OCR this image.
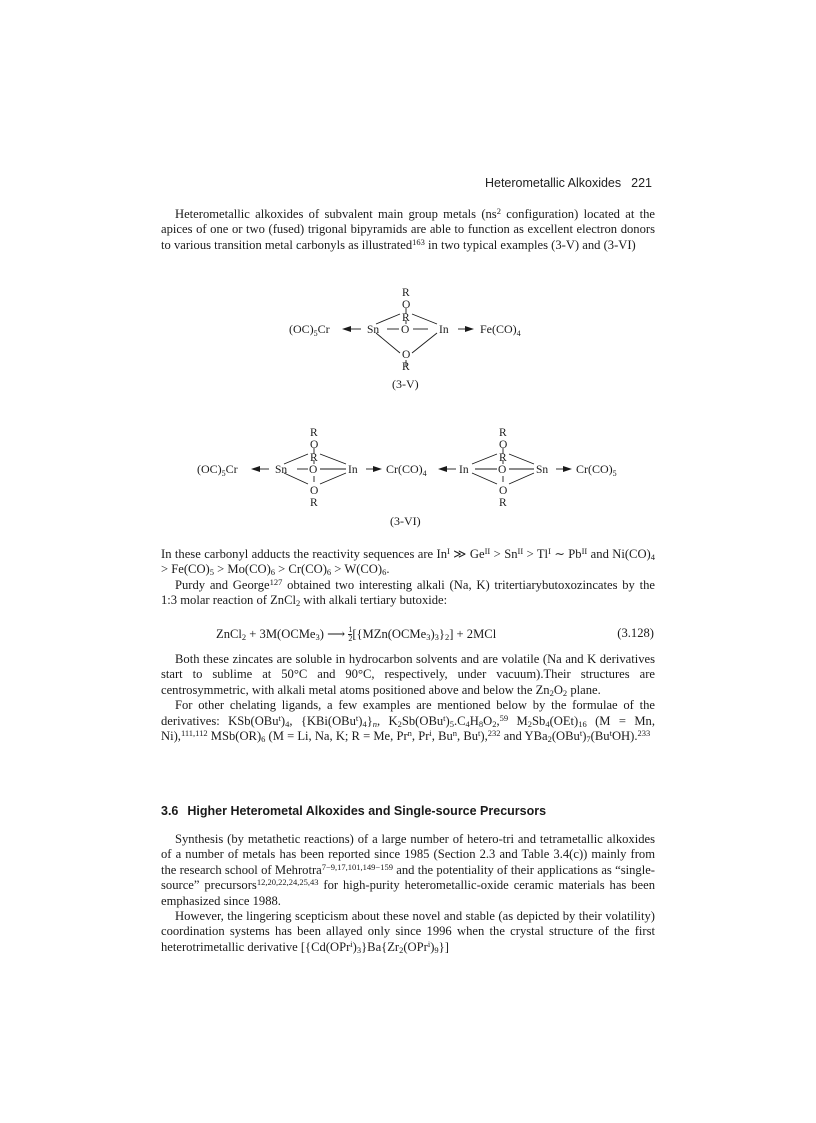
Heterometallic Alkoxides 221

Heterometallic alkoxides of subvalent main group metals ($ns^2$ configuration) located at the apices of one or two (fused) trigonal bipyramids are able to function as excellent electron donors to various transition metal carbonyls as illustrated$^{163}$ in two typical examples (3-V) and (3-VI)

R
O
R
O
O
R
Sn	In
$(OC)_5Cr$	$Fe(CO)_4$
(3-V)
R
O
R
O
O
R
Sn	In
$(OC)_5Cr$	$Cr(CO)_4$
R
O
R
O
O
R
In	Sn $Cr(CO)_5$
(3-VI)

In these carbonyl adducts the reactivity sequences are $In^I$ ≫ $Ge^{II} > Sn^{II} > Tl^I$ ∼ $Pb^{II}$ and $Ni(CO)_4 > Fe(CO)_5 > Mo(CO)_6 > Cr(CO)_6 > W(CO)_6$.

Purdy and George$^{127}$ obtained two interesting alkali (Na, K) tritertiarybutoxozincates by the 1:3 molar reaction of ZnCl$_2$ with alkali tertiary butoxide:

ZnCl$_2$ + 3M(OCMe$_3$) ⟶ $\frac{1}{2}$ $[\{MZn(OCMe_3)_3\}_2] + 2MCl$	(3.128)

Both these zincates are soluble in hydrocarbon solvents and are volatile (Na and K derivatives start to sublime at 50°C and 90°C, respectively, under vacuum).Their structures are centrosymmetric, with alkali metal atoms positioned above and below the $Zn_2O_2$ plane.

For other chelating ligands, a few examples are mentioned below by the formulae of the derivatives: $KSb(OBu^t)_4$, $\{KBi(OBu^t)_4\}_n$, $K_2Sb(OBu^t)_5.C_4H_8O_2,^{59}$ $M_2Sb_4(OEt)_{16}$ (M = Mn, Ni),$^{111,112}$ $MSb(OR)_6$ (M = Li, Na, K; R = Me, Pr$^n$, Pr$^i$, Bu$^n$, Bu$^t$),$^{232}$ and $YBa_2(OBu^t)_7(Bu^tOH).^{233}$

3.6 Higher Heterometal Alkoxides and Single-source Precursors

Synthesis (by metathetic reactions) of a large number of hetero-tri and tetrametallic alkoxides of a number of metals has been reported since 1985 (Section 2.3 and Table 3.4(c)) mainly from the research school of Mehrotra$^{7-9,17,101,149-159}$ and the potentiality of their applications as “single-source” precursors$^{12,20,22,24,25,43}$ for high-purity heterometallic-oxide ceramic materials has been emphasized since 1988.

However, the lingering scepticism about these novel and stable (as depicted by their volatility) coordination systems has been allayed only since 1996 when the crystal structure of the first heterotrimetallic derivative $[\{Cd(OPr^i)_3\}Ba\{Zr_2(OPr^i)_9\}]$
